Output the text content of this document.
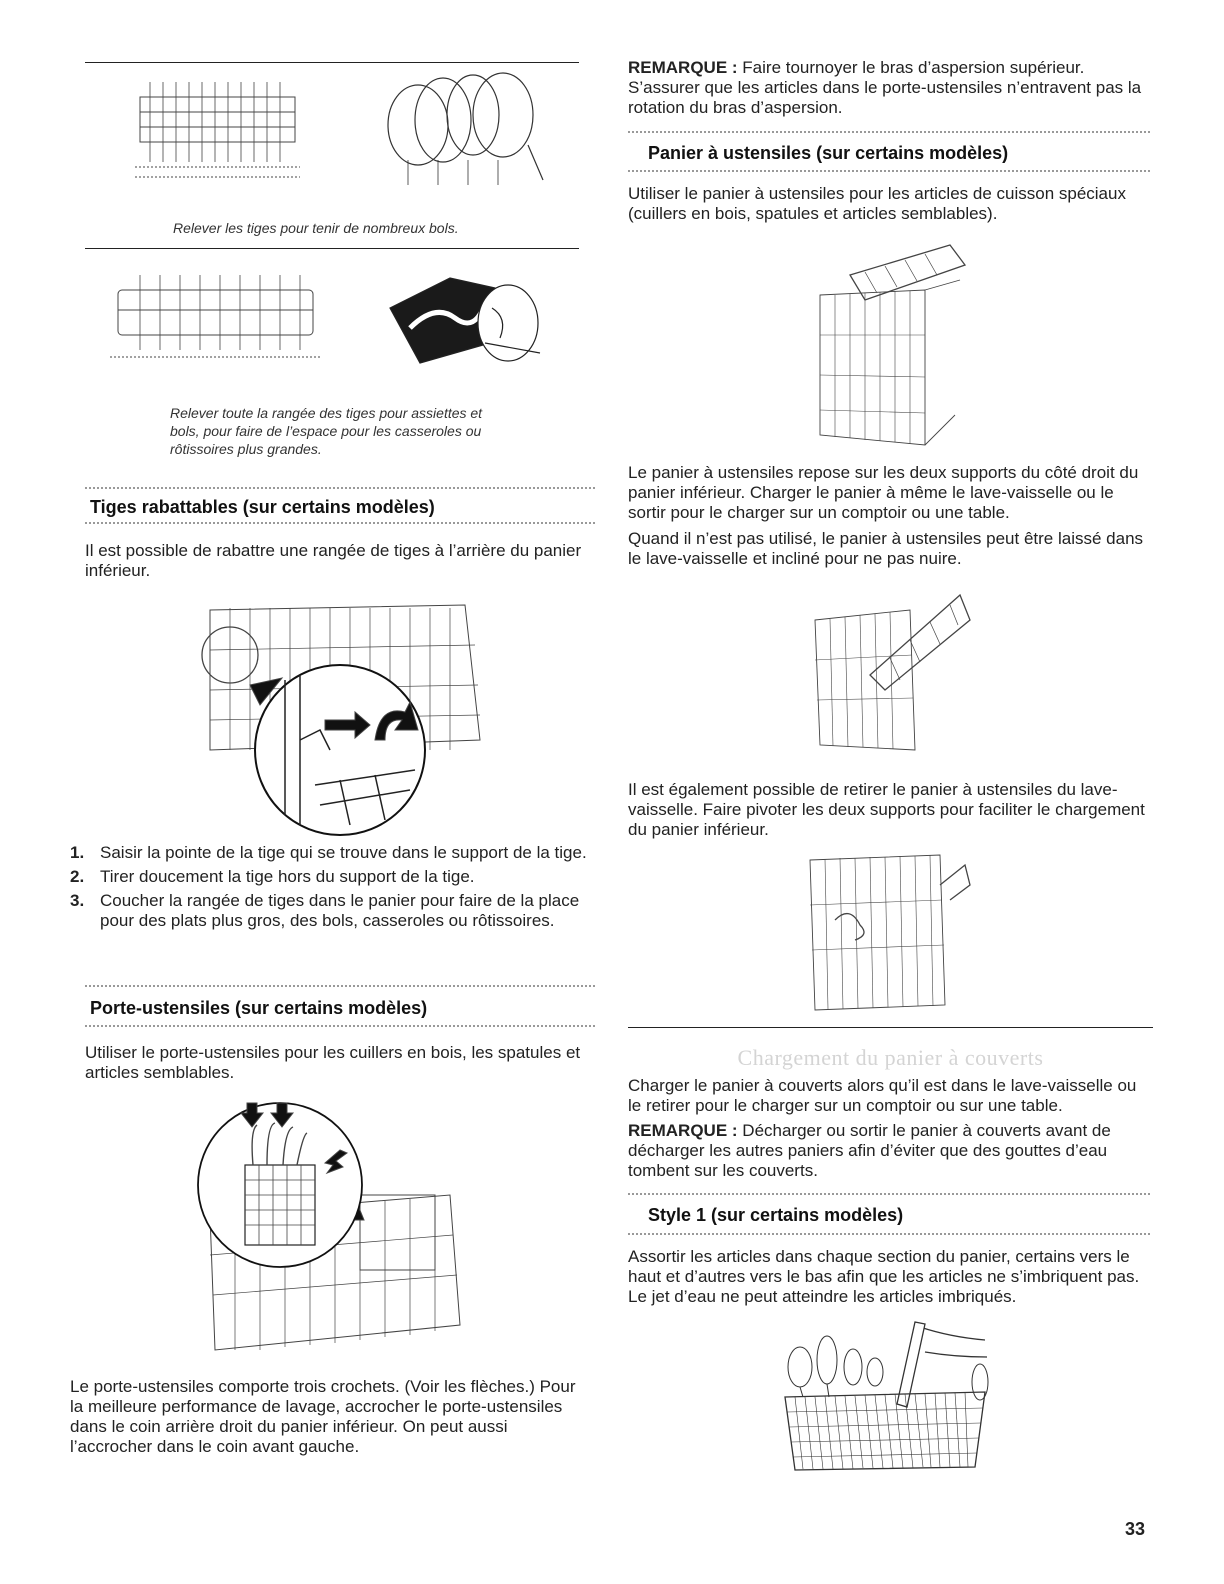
Relever les tiges pour tenir de nombreux bols.
Relever toute la rangée des tiges pour assiettes et bols, pour faire de l’espace pour les casseroles ou rôtissoires plus grandes.
Tiges rabattables (sur certains modèles)

Il est possible de rabattre une rangée de tiges à l’arrière du panier inférieur.

1. Saisir la pointe de la tige qui se trouve dans le support de la tige.
2. Tirer doucement la tige hors du support de la tige.
3. Coucher la rangée de tiges dans le panier pour faire de la place pour des plats plus gros, des bols, casseroles ou rôtissoires.
Porte-ustensiles (sur certains modèles)

Utiliser le porte-ustensiles pour les cuillers en bois, les spatules et articles semblables.

Le porte-ustensiles comporte trois crochets. (Voir les flèches.) Pour la meilleure performance de lavage, accrocher le porte-ustensiles dans le coin arrière droit du panier inférieur. On peut aussi l’accrocher dans le coin avant gauche.

REMARQUE : Faire tournoyer le bras d’aspersion supérieur. S’assurer que les articles dans le porte-ustensiles n’entravent pas la rotation du bras d’aspersion.

Panier à ustensiles (sur certains modèles)

Utiliser le panier à ustensiles pour les articles de cuisson spéciaux (cuillers en bois, spatules et articles semblables).

Le panier à ustensiles repose sur les deux supports du côté droit du panier inférieur. Charger le panier à même le lave-vaisselle ou le sortir pour le charger sur un comptoir ou une table.

Quand il n’est pas utilisé, le panier à ustensiles peut être laissé dans le lave-vaisselle et incliné pour ne pas nuire.

Il est également possible de retirer le panier à ustensiles du lave-vaisselle. Faire pivoter les deux supports pour faciliter le chargement du panier inférieur.

Chargement du panier à couverts

Charger le panier à couverts alors qu’il est dans le lave-vaisselle ou le retirer pour le charger sur un comptoir ou sur une table.

REMARQUE : Décharger ou sortir le panier à couverts avant de décharger les autres paniers afin d’éviter que des gouttes d’eau tombent sur les couverts.

Style 1 (sur certains modèles)

Assortir les articles dans chaque section du panier, certains vers le haut et d’autres vers le bas afin que les articles ne s’imbriquent pas. Le jet d’eau ne peut atteindre les articles imbriqués.

33
